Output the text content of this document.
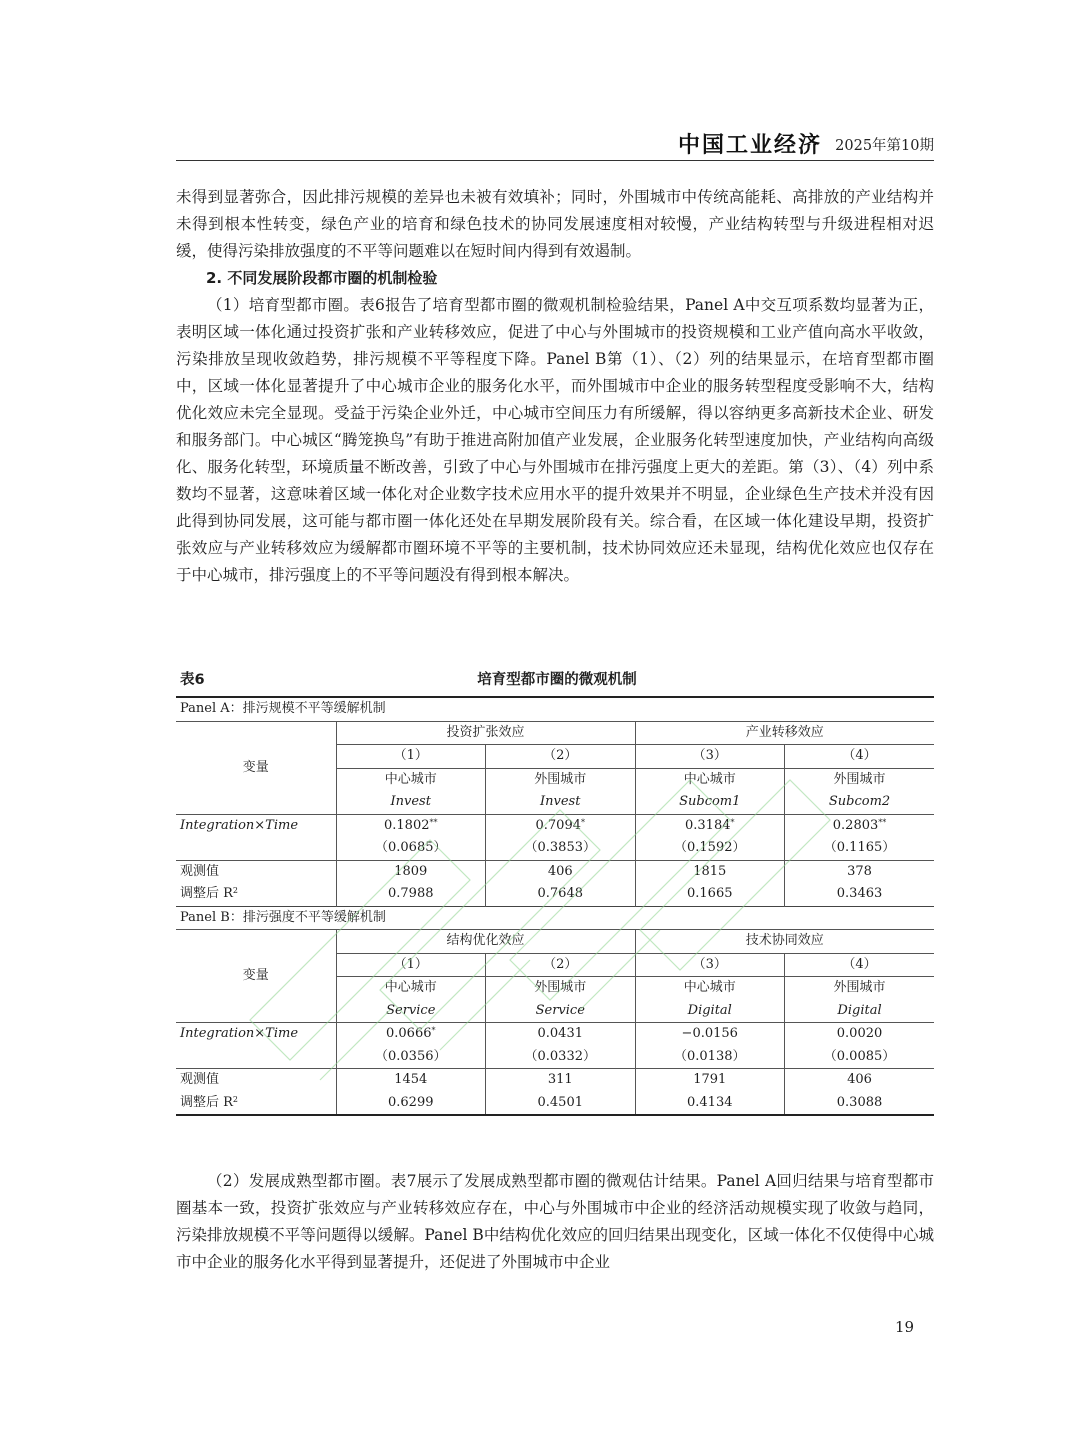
中国工业经济 2025年第10期

未得到显著弥合，因此排污规模的差异也未被有效填补；同时，外围城市中传统高能耗、高排放的产业结构并未得到根本性转变，绿色产业的培育和绿色技术的协同发展速度相对较慢，产业结构转型与升级进程相对迟缓，使得污染排放强度的不平等问题难以在短时间内得到有效遏制。

2. 不同发展阶段都市圈的机制检验

（1）培育型都市圈。表6报告了培育型都市圈的微观机制检验结果，Panel A中交互项系数均显著为正，表明区域一体化通过投资扩张和产业转移效应，促进了中心与外围城市的投资规模和工业产值向高水平收敛，污染排放呈现收敛趋势，排污规模不平等程度下降。Panel B第（1）、（2）列的结果显示，在培育型都市圈中，区域一体化显著提升了中心城市企业的服务化水平，而外围城市中企业的服务转型程度受影响不大，结构优化效应未完全显现。受益于污染企业外迁，中心城市空间压力有所缓解，得以容纳更多高新技术企业、研发和服务部门。中心城区“腾笼换鸟”有助于推进高附加值产业发展，企业服务化转型速度加快，产业结构向高级化、服务化转型，环境质量不断改善，引致了中心与外围城市在排污强度上更大的差距。第（3）、（4）列中系数均不显著，这意味着区域一体化对企业数字技术应用水平的提升效果并不明显，企业绿色生产技术并没有因此得到协同发展，这可能与都市圈一体化还处在早期发展阶段有关。综合看，在区域一体化建设早期，投资扩张效应与产业转移效应为缓解都市圈环境不平等的主要机制，技术协同效应还未显现，结构优化效应也仅存在于中心城市，排污强度上的不平等问题没有得到根本解决。

表6	培育型都市圈的微观机制
Panel A：排污规模不平等缓解机制				
变量	投资扩张效应		产业转移效应	
	（1）	（2）	（3）	（4）
	中心城市	外围城市	中心城市	外围城市
	Invest	Invest	Subcom1	Subcom2
Integration×Time	0.1802**	0.7094*	0.3184*	0.2803**
	（0.0685）	（0.3853）	（0.1592）	（0.1165）
观测值	1809	406	1815	378
调整后 $R^2$	0.7988	0.7648	0.1665	0.3463
Panel B：排污强度不平等缓解机制				
变量	结构优化效应		技术协同效应	
	（1）	（2）	（3）	（4）
	中心城市	外围城市	中心城市	外围城市
	Service	Service	Digital	Digital
Integration×Time	0.0666*	0.0431	−0.0156	0.0020
	（0.0356）	（0.0332）	（0.0138）	（0.0085）
观测值	1454	311	1791	406
调整后 $R^2$	0.6299	0.4501	0.4134	0.3088

（2）发展成熟型都市圈。表7展示了发展成熟型都市圈的微观估计结果。Panel A回归结果与培育型都市圈基本一致，投资扩张效应与产业转移效应存在，中心与外围城市中企业的经济活动规模实现了收敛与趋同，污染排放规模不平等问题得以缓解。Panel B中结构优化效应的回归结果出现变化，区域一体化不仅使得中心城市中企业的服务化水平得到显著提升，还促进了外围城市中企业

19
